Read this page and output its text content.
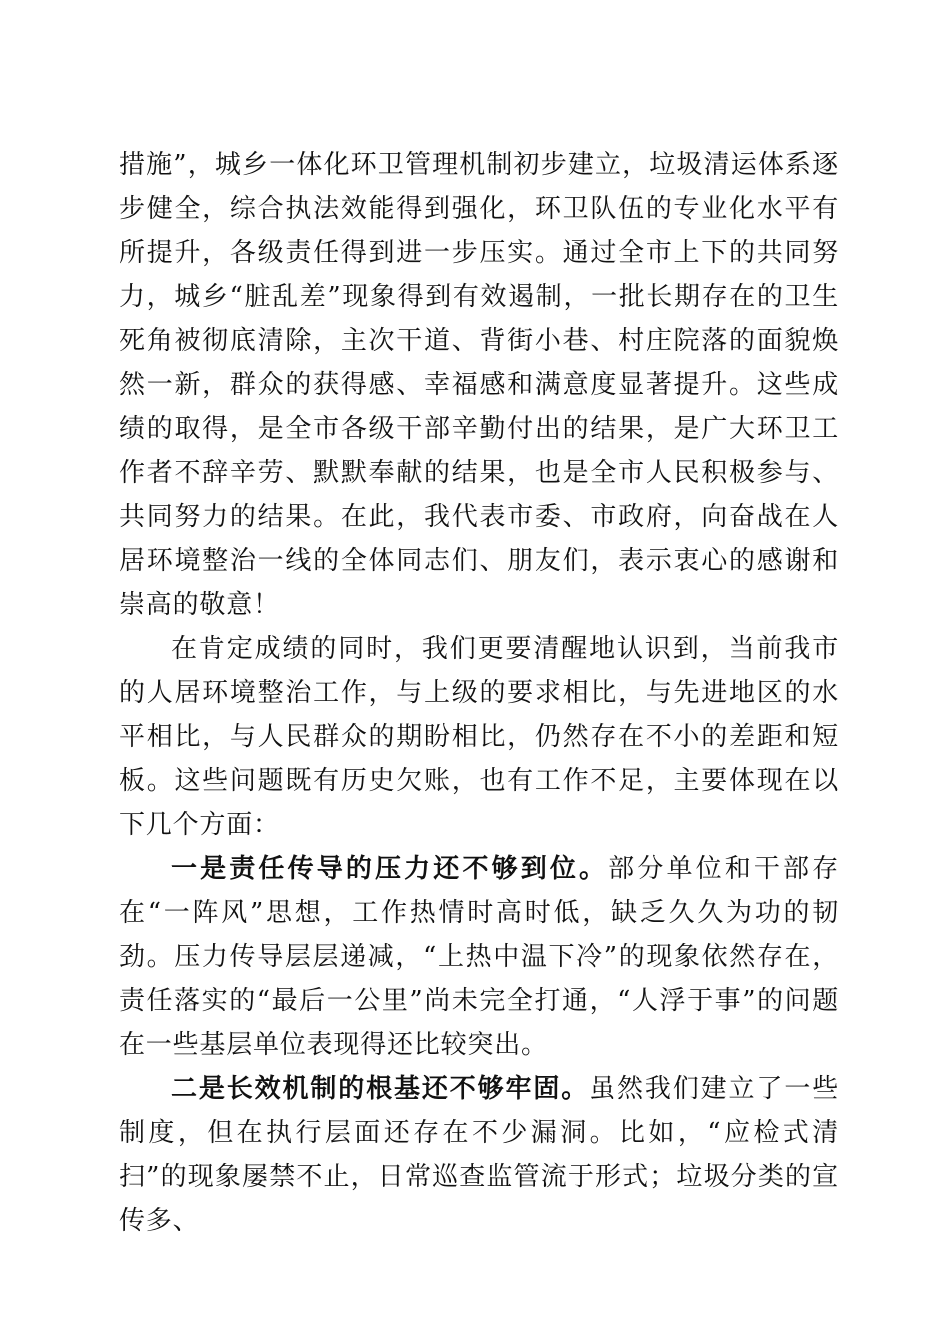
措施”，城乡一体化环卫管理机制初步建立，垃圾清运体系逐步健全，综合执法效能得到强化，环卫队伍的专业化水平有所提升，各级责任得到进一步压实。通过全市上下的共同努力，城乡“脏乱差”现象得到有效遏制，一批长期存在的卫生死角被彻底清除，主次干道、背街小巷、村庄院落的面貌焕然一新，群众的获得感、幸福感和满意度显著提升。这些成绩的取得，是全市各级干部辛勤付出的结果，是广大环卫工作者不辞辛劳、默默奉献的结果，也是全市人民积极参与、共同努力的结果。在此，我代表市委、市政府，向奋战在人居环境整治一线的全体同志们、朋友们，表示衷心的感谢和崇高的敬意！

在肯定成绩的同时，我们更要清醒地认识到，当前我市的人居环境整治工作，与上级的要求相比，与先进地区的水平相比，与人民群众的期盼相比，仍然存在不小的差距和短板。这些问题既有历史欠账，也有工作不足，主要体现在以下几个方面：

一是责任传导的压力还不够到位。部分单位和干部存在“一阵风”思想，工作热情时高时低，缺乏久久为功的韧劲。压力传导层层递减，“上热中温下冷”的现象依然存在，责任落实的“最后一公里”尚未完全打通，“人浮于事”的问题在一些基层单位表现得还比较突出。

二是长效机制的根基还不够牢固。虽然我们建立了一些制度，但在执行层面还存在不少漏洞。比如，“应检式清扫”的现象屡禁不止，日常巡查监管流于形式；垃圾分类的宣传多、
